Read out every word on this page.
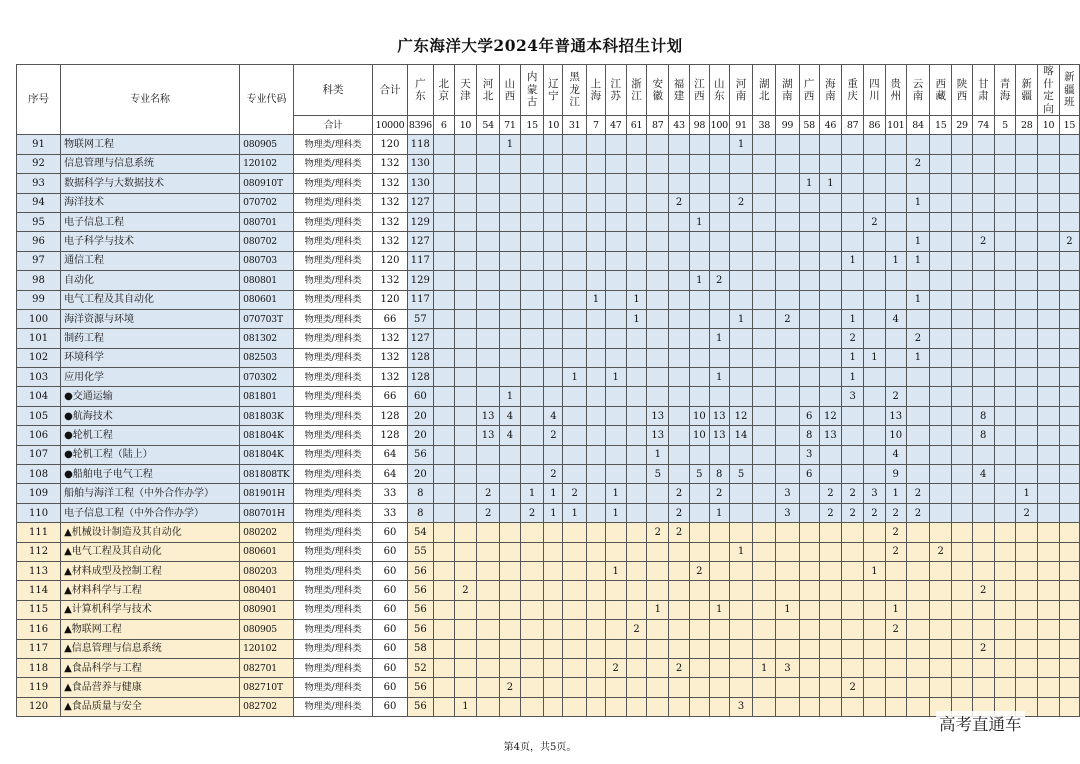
广东海洋大学2024年普通本科招生计划
序号	专业名称	专业代码	科类	合计	广东	北京	天津	河北	山西	内蒙古	辽宁	黑龙江	上海	江苏	浙江	安徽	福建	江西	山东	河南	湖北	湖南	广西	海南	重庆	四川	贵州	云南	西藏	陕西	甘肃	青海	新疆	喀什定向	新疆班
			合计	10000	8396	6	10	54	71	15	10	31	7	47	61	87	43	98	100	91	38	99	58	46	87	86	101	84	15	29	74	5	28	10	15
91	物联网工程	080905	物理类/理科类	120	118				1											1															
92	信息管理与信息系统	120102	物理类/理科类	132	130																							2							
93	数据科学与大数据技术	080910T	物理类/理科类	132	130																		1	1											
94	海洋技术	070702	物理类/理科类	132	127												2			2								1							
95	电子信息工程	080701	物理类/理科类	132	129													1								2									
96	电子科学与技术	080702	物理类/理科类	132	127																							1			2				2
97	通信工程	080703	物理类/理科类	120	117																				1		1	1							
98	自动化	080801	物理类/理科类	132	129													1	2																
99	电气工程及其自动化	080601	物理类/理科类	120	117								1		1													1							
100	海洋资源与环境	070703T	物理类/理科类	66	57										1					1		2			1		4								
101	制药工程	081302	物理类/理科类	132	127														1						2			2							
102	环境科学	082503	物理类/理科类	132	128																				1	1		1							
103	应用化学	070302	物理类/理科类	132	128							1		1					1						1										
104	●交通运输	081801	物理类/理科类	66	60				1																3		2								
105	●航海技术	081803K	物理类/理科类	128	20			13	4		4					13		10	13	12			6	12			13				8				
106	●轮机工程	081804K	物理类/理科类	128	20			13	4		2					13		10	13	14			8	13			10				8				
107	●轮机工程（陆上）	081804K	物理类/理科类	64	56											1							3				4								
108	●船舶电子电气工程	081808TK	物理类/理科类	64	20						2					5		5	8	5			6				9				4				
109	船舶与海洋工程（中外合作办学）	081901H	物理类/理科类	33	8			2		1	1	2		1			2		2			3		2	2	3	1	2					1		
110	电子信息工程（中外合作办学）	080701H	物理类/理科类	33	8			2		2	1	1		1			2		1			3		2	2	2	2	2					2		
111	▲机械设计制造及其自动化	080202	物理类/理科类	60	54											2	2										2								
112	▲电气工程及其自动化	080601	物理类/理科类	60	55															1							2		2						
113	▲材料成型及控制工程	080203	物理类/理科类	60	56									1				2								1									
114	▲材料科学与工程	080401	物理类/理科类	60	56		2																								2				
115	▲计算机科学与技术	080901	物理类/理科类	60	56											1			1			1					1								
116	▲物联网工程	080905	物理类/理科类	60	56										2												2								
117	▲信息管理与信息系统	120102	物理类/理科类	60	58																										2				
118	▲食品科学与工程	082701	物理类/理科类	60	52									2			2				1	3													
119	▲食品营养与健康	082710T	物理类/理科类	60	56				2																2										
120	▲食品质量与安全	082702	物理类/理科类	60	56		1													3															
第4页，共5页。
高考直通车
